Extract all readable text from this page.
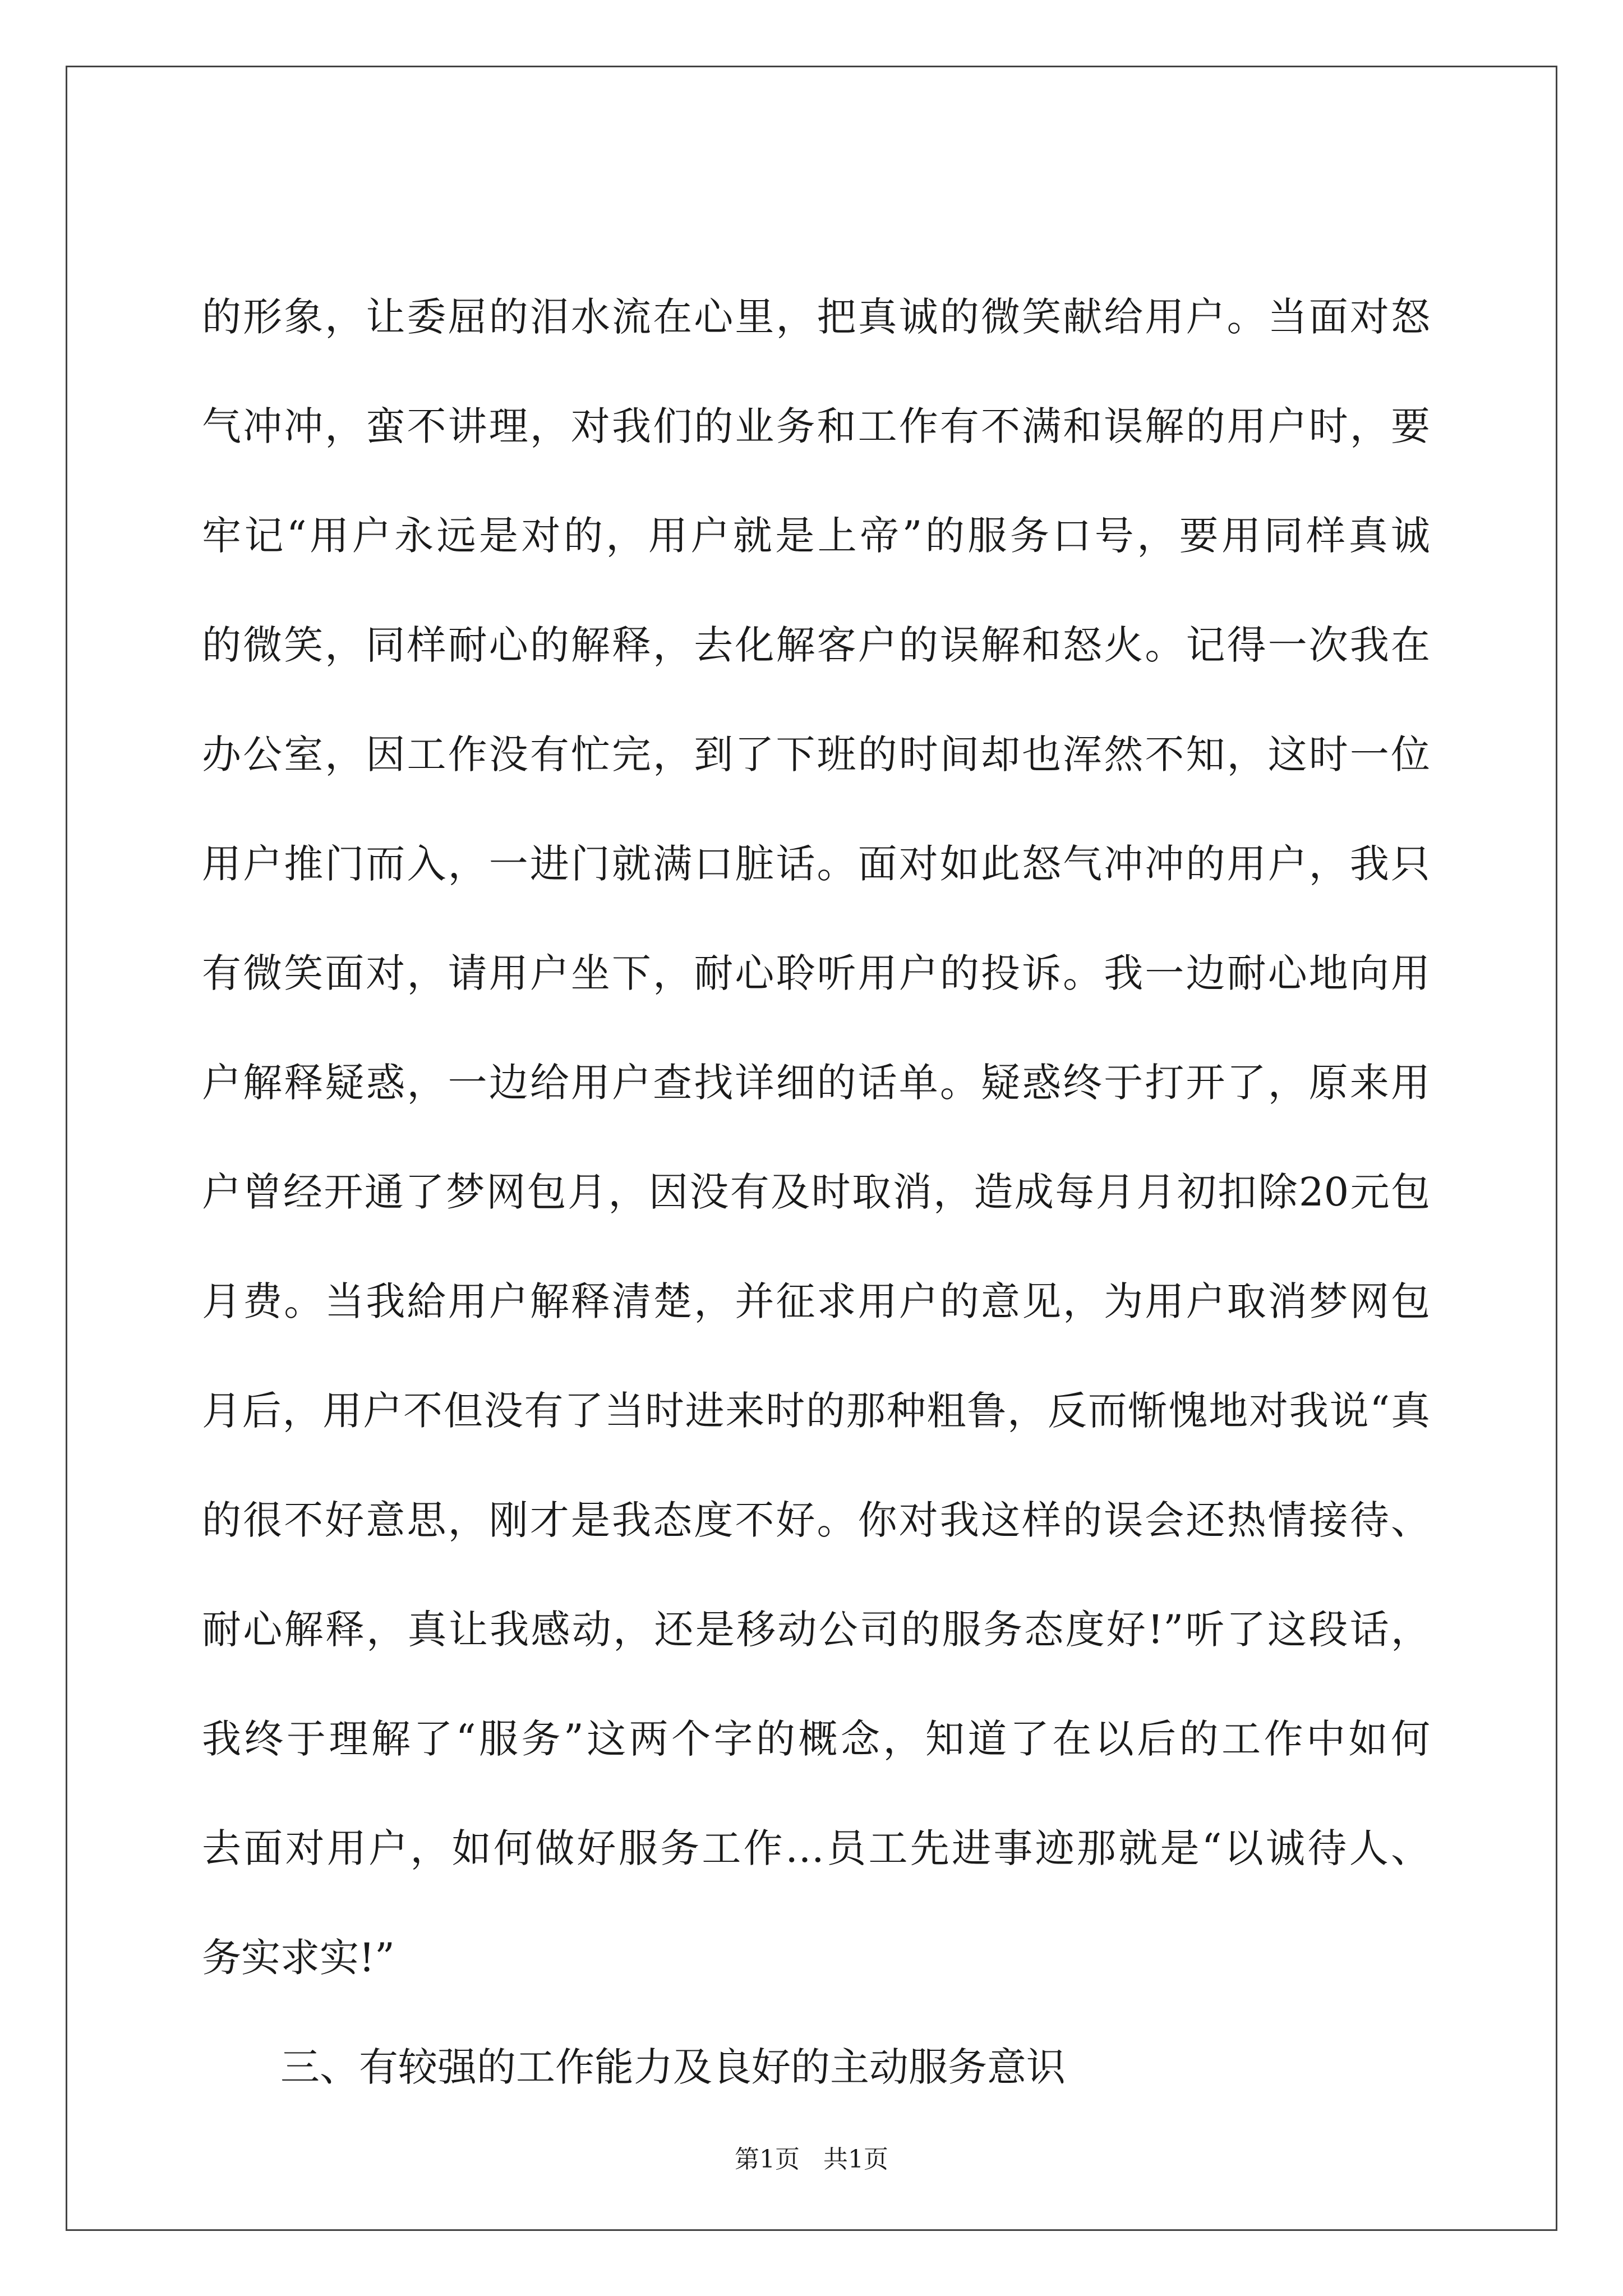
的形象，让委屈的泪水流在心里，把真诚的微笑献给用户。当面对怒
气冲冲，蛮不讲理，对我们的业务和工作有不满和误解的用户时，要
牢记“用户永远是对的，用户就是上帝”的服务口号，要用同样真诚
的微笑，同样耐心的解释，去化解客户的误解和怒火。记得一次我在
办公室，因工作没有忙完，到了下班的时间却也浑然不知，这时一位
用户推门而入，一进门就满口脏话。面对如此怒气冲冲的用户，我只
有微笑面对，请用户坐下，耐心聆听用户的投诉。我一边耐心地向用
户解释疑惑，一边给用户查找详细的话单。疑惑终于打开了，原来用
户曾经开通了梦网包月，因没有及时取消，造成每月月初扣除20元包
月费。当我給用户解释清楚，并征求用户的意见，为用户取消梦网包
月后，用户不但没有了当时进来时的那种粗鲁，反而惭愧地对我说“真
的很不好意思，刚才是我态度不好。你对我这样的误会还热情接待、
耐心解释，真让我感动，还是移动公司的服务态度好!”听了这段话，
我终于理解了“服务”这两个字的概念，知道了在以后的工作中如何
去面对用户，如何做好服务工作…员工先进事迹那就是“以诚待人、
务实求实!”
三、有较强的工作能力及良好的主动服务意识
第1页 共1页
